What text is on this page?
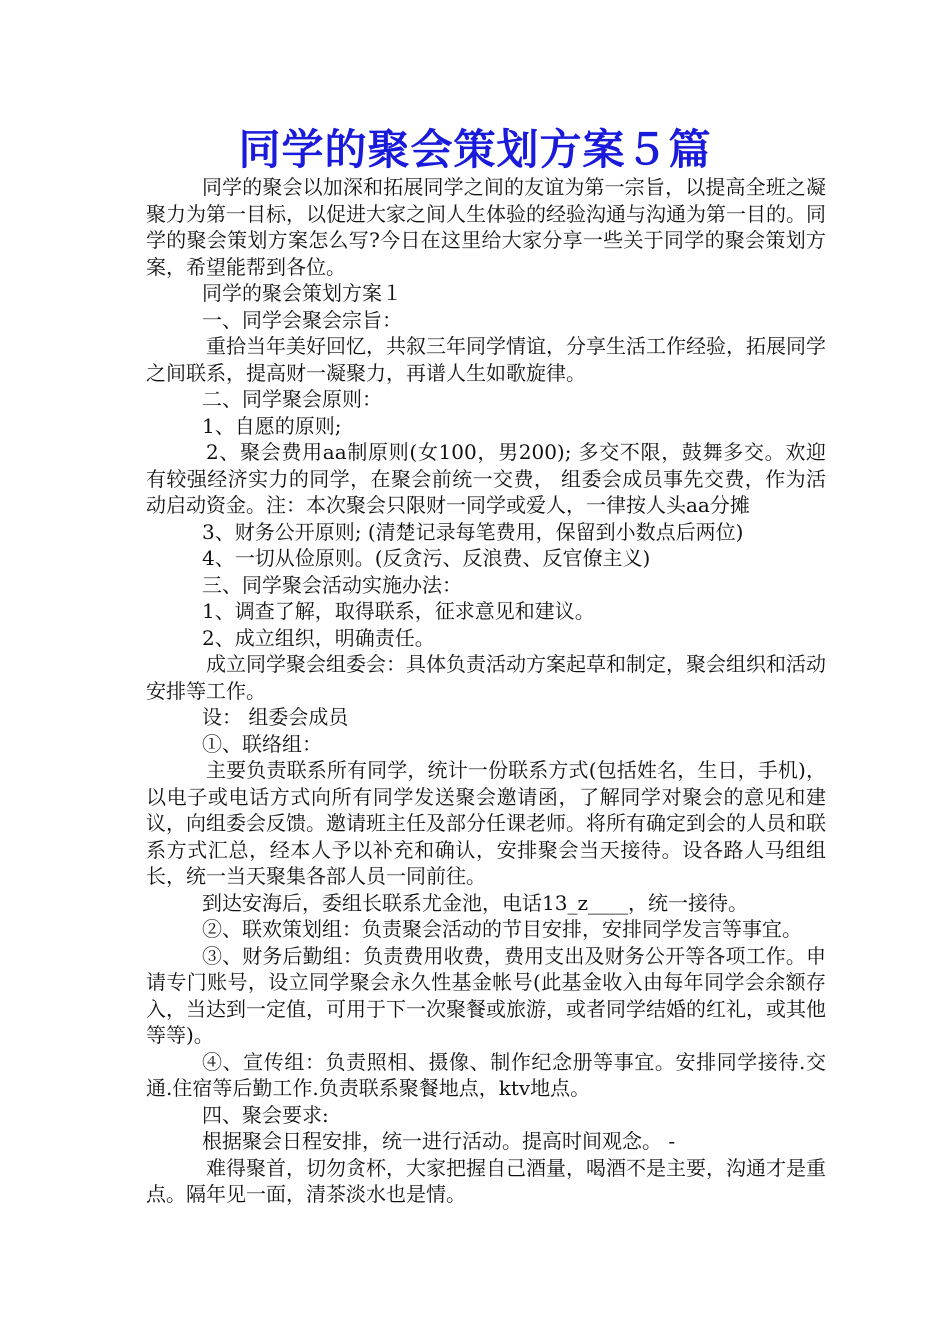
同学的聚会策划方案５篇

同学的聚会以加深和拓展同学之间的友谊为第一宗旨，以提高全班之凝聚力为第一目标，以促进大家之间人生体验的经验沟通与沟通为第一目的。同学的聚会策划方案怎么写?今日在这里给大家分享一些关于同学的聚会策划方案，希望能帮到各位。

同学的聚会策划方案１

一、同学会聚会宗旨：

重拾当年美好回忆，共叙三年同学情谊，分享生活工作经验，拓展同学之间联系，提高财一凝聚力，再谱人生如歌旋律。

二、同学聚会原则：

1、自愿的原则;

2、聚会费用aa制原则(女100，男200); 多交不限，鼓舞多交。欢迎有较强经济实力的同学，在聚会前统一交费， 组委会成员事先交费，作为活动启动资金。注：本次聚会只限财一同学或爱人，一律按人头aa分摊

3、财务公开原则; (清楚记录每笔费用，保留到小数点后两位)

4、一切从俭原则。(反贪污、反浪费、反官僚主义)

三、同学聚会活动实施办法：

1、调查了解，取得联系，征求意见和建议。

2、成立组织，明确责任。

成立同学聚会组委会：具体负责活动方案起草和制定，聚会组织和活动安排等工作。

设： 组委会成员

①、联络组：

主要负责联系所有同学，统计一份联系方式(包括姓名，生日，手机)，以电子或电话方式向所有同学发送聚会邀请函，了解同学对聚会的意见和建议，向组委会反馈。邀请班主任及部分任课老师。将所有确定到会的人员和联系方式汇总，经本人予以补充和确认，安排聚会当天接待。设各路人马组组长，统一当天聚集各部人员一同前往。

到达安海后，委组长联系尤金池，电话13_z____，统一接待。

②、联欢策划组：负责聚会活动的节目安排，安排同学发言等事宜。

③、财务后勤组：负责费用收费，费用支出及财务公开等各项工作。申请专门账号，设立同学聚会永久性基金帐号(此基金收入由每年同学会余额存入，当达到一定值，可用于下一次聚餐或旅游，或者同学结婚的红礼，或其他等等)。

④、宣传组：负责照相、摄像、制作纪念册等事宜。安排同学接待.交通.住宿等后勤工作.负责联系聚餐地点，ktv地点。

四、聚会要求:

根据聚会日程安排，统一进行活动。提高时间观念。 -

难得聚首，切勿贪杯，大家把握自己酒量，喝酒不是主要，沟通才是重点。隔年见一面，清茶淡水也是情。
